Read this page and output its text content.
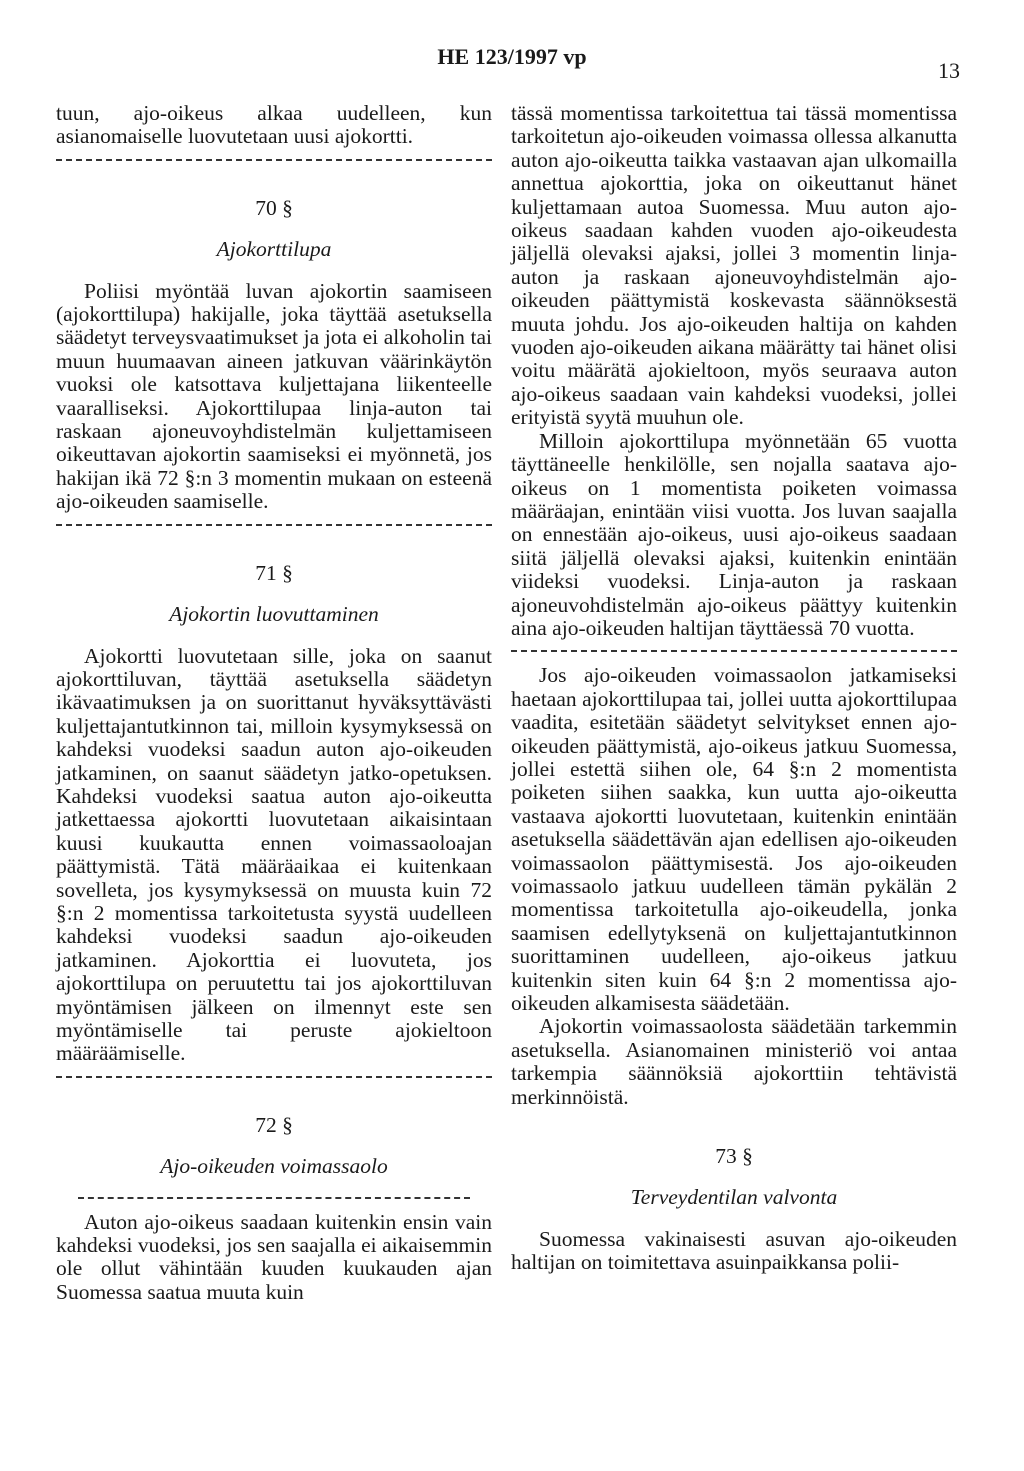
HE 123/1997 vp
13

tuun, ajo-oikeus alkaa uudelleen, kun asianomaiselle luovutetaan uusi ajokortti.

70 §
Ajokorttilupa

Poliisi myöntää luvan ajokortin saamiseen (ajokorttilupa) hakijalle, joka täyttää asetuksella säädetyt terveysvaatimukset ja jota ei alkoholin tai muun huumaavan aineen jatkuvan väärinkäytön vuoksi ole katsottava kuljettajana liikenteelle vaaralliseksi. Ajokorttilupaa linja-auton tai raskaan ajoneuvoyhdistelmän kuljettamiseen oikeuttavan ajokortin saamiseksi ei myönnetä, jos hakijan ikä 72 §:n 3 momentin mukaan on esteenä ajo-oikeuden saamiselle.

71 §
Ajokortin luovuttaminen

Ajokortti luovutetaan sille, joka on saanut ajokorttiluvan, täyttää asetuksella säädetyn ikävaatimuksen ja on suorittanut hyväksyttävästi kuljettajantutkinnon tai, milloin kysymyksessä on kahdeksi vuodeksi saadun auton ajo-oikeuden jatkaminen, on saanut säädetyn jatko-opetuksen. Kahdeksi vuodeksi saatua auton ajo-oikeutta jatkettaessa ajokortti luovutetaan aikaisintaan kuusi kuukautta ennen voimassaoloajan päättymistä. Tätä määräaikaa ei kuitenkaan sovelleta, jos kysymyksessä on muusta kuin 72 §:n 2 momentissa tarkoitetusta syystä uudelleen kahdeksi vuodeksi saadun ajo-oikeuden jatkaminen. Ajokorttia ei luovuteta, jos ajokorttilupa on peruutettu tai jos ajokorttiluvan myöntämisen jälkeen on ilmennyt este sen myöntämiselle tai peruste ajokieltoon määräämiselle.

72 §
Ajo-oikeuden voimassaolo

Auton ajo-oikeus saadaan kuitenkin ensin vain kahdeksi vuodeksi, jos sen saajalla ei aikaisemmin ole ollut vähintään kuuden kuukauden ajan Suomessa saatua muuta kuin

tässä momentissa tarkoitettua tai tässä momentissa tarkoitetun ajo-oikeuden voimassa ollessa alkanutta auton ajo-oikeutta taikka vastaavan ajan ulkomailla annettua ajokorttia, joka on oikeuttanut hänet kuljettamaan autoa Suomessa. Muu auton ajo-oikeus saadaan kahden vuoden ajo-oikeudesta jäljellä olevaksi ajaksi, jollei 3 momentin linja-auton ja raskaan ajoneuvoyhdistelmän ajo-oikeuden päättymistä koskevasta säännöksestä muuta johdu. Jos ajo-oikeuden haltija on kahden vuoden ajo-oikeuden aikana määrätty tai hänet olisi voitu määrätä ajokieltoon, myös seuraava auton ajo-oikeus saadaan vain kahdeksi vuodeksi, jollei erityistä syytä muuhun ole.

Milloin ajokorttilupa myönnetään 65 vuotta täyttäneelle henkilölle, sen nojalla saatava ajo-oikeus on 1 momentista poiketen voimassa määräajan, enintään viisi vuotta. Jos luvan saajalla on ennestään ajo-oikeus, uusi ajo-oikeus saadaan siitä jäljellä olevaksi ajaksi, kuitenkin enintään viideksi vuodeksi. Linja-auton ja raskaan ajoneuvohdistelmän ajo-oikeus päättyy kuitenkin aina ajo-oikeuden haltijan täyttäessä 70 vuotta.

Jos ajo-oikeuden voimassaolon jatkamiseksi haetaan ajokorttilupaa tai, jollei uutta ajokorttilupaa vaadita, esitetään säädetyt selvitykset ennen ajo-oikeuden päättymistä, ajo-oikeus jatkuu Suomessa, jollei estettä siihen ole, 64 §:n 2 momentista poiketen siihen saakka, kun uutta ajo-oikeutta vastaava ajokortti luovutetaan, kuitenkin enintään asetuksella säädettävän ajan edellisen ajo-oikeuden voimassaolon päättymisestä. Jos ajo-oikeuden voimassaolo jatkuu uudelleen tämän pykälän 2 momentissa tarkoitetulla ajo-oikeudella, jonka saamisen edellytyksenä on kuljettajantutkinnon suorittaminen uudelleen, ajo-oikeus jatkuu kuitenkin siten kuin 64 §:n 2 momentissa ajo-oikeuden alkamisesta säädetään.

Ajokortin voimassaolosta säädetään tarkemmin asetuksella. Asianomainen ministeriö voi antaa tarkempia säännöksiä ajokorttiin tehtävistä merkinnöistä.

73 §
Terveydentilan valvonta

Suomessa vakinaisesti asuvan ajo-oikeuden haltijan on toimitettava asuinpaikkansa polii-
